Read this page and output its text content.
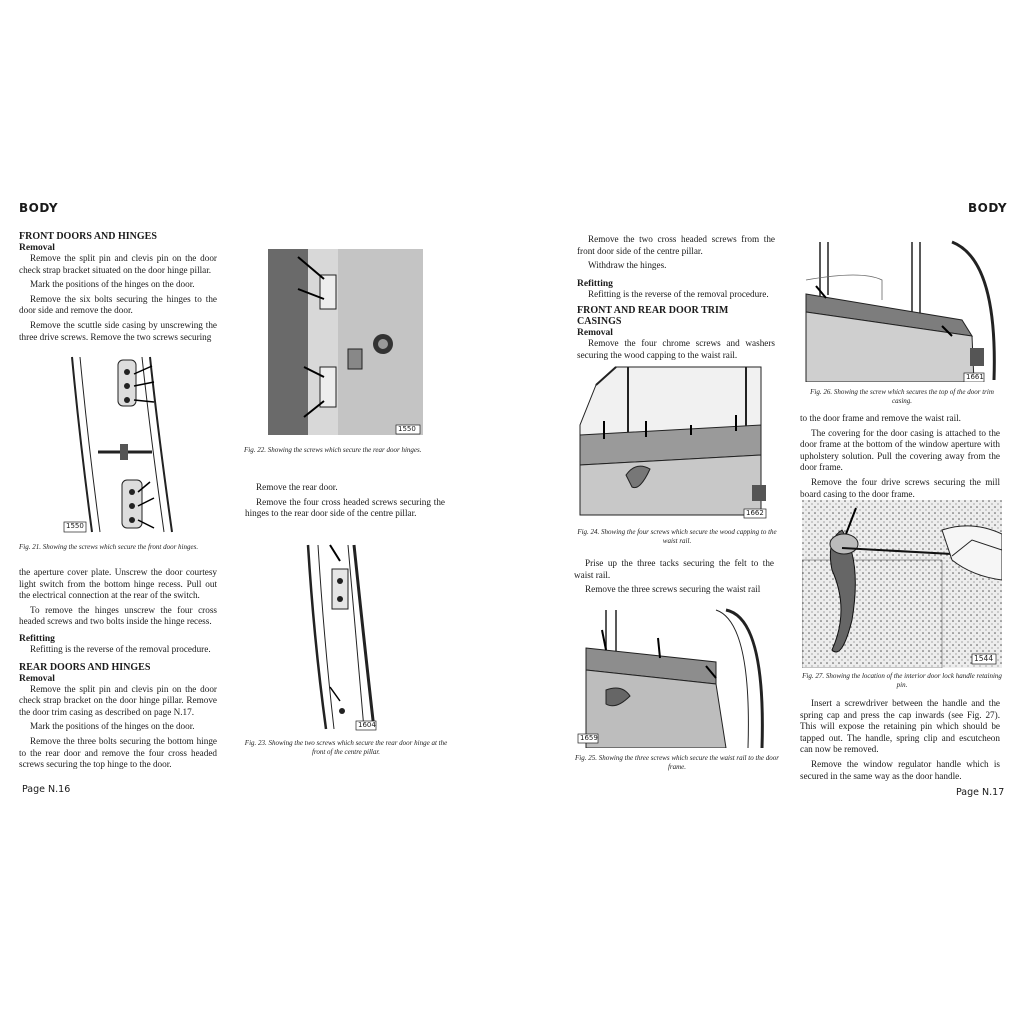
BODY
FRONT DOORS AND HINGES
Removal

Remove the split pin and clevis pin on the door check strap bracket situated on the door hinge pillar.

Mark the positions of the hinges on the door.

Remove the six bolts securing the hinges to the door side and remove the door.

Remove the scuttle side casing by unscrewing the three drive screws. Remove the two screws securing

1550
Fig. 21. Showing the screws which secure the front door hinges.

the aperture cover plate. Unscrew the door courtesy light switch from the bottom hinge recess. Pull out the electrical connection at the rear of the switch.

To remove the hinges unscrew the four cross headed screws and two bolts inside the hinge recess.

Refitting

Refitting is the reverse of the removal procedure.

REAR DOORS AND HINGES
Removal

Remove the split pin and clevis pin on the door check strap bracket on the door hinge pillar. Remove the door trim casing as described on page N.17.

Mark the positions of the hinges on the door.

Remove the three bolts securing the bottom hinge to the rear door and remove the four cross headed screws securing the top hinge to the door.

1550
Fig. 22. Showing the screws which secure the rear door hinges.

Remove the rear door.

Remove the four cross headed screws securing the hinges to the rear door side of the centre pillar.

1604
Fig. 23. Showing the two screws which secure the rear door hinge at the front of the centre pillar.
Page N.16
BODY

Remove the two cross headed screws from the front door side of the centre pillar.

Withdraw the hinges.

Refitting

Refitting is the reverse of the removal procedure.

FRONT AND REAR DOOR TRIM CASINGS
Removal

Remove the four chrome screws and washers securing the wood capping to the waist rail.

1662
Fig. 24. Showing the four screws which secure the wood capping to the waist rail.

Prise up the three tacks securing the felt to the waist rail.

Remove the three screws securing the waist rail

1659
Fig. 25. Showing the three screws which secure the waist rail to the door frame.
1661
Fig. 26. Showing the screw which secures the top of the door trim casing.

to the door frame and remove the waist rail.

The covering for the door casing is attached to the door frame at the bottom of the window aperture with upholstery solution. Pull the covering away from the door frame.

Remove the four drive screws securing the mill board casing to the door frame.

1544
Fig. 27. Showing the location of the interior door lock handle retaining pin.

Insert a screwdriver between the handle and the spring cap and press the cap inwards (see Fig. 27). This will expose the retaining pin which should be tapped out. The handle, spring clip and escutcheon can now be removed.

Remove the window regulator handle which is secured in the same way as the door handle.

Page N.17
